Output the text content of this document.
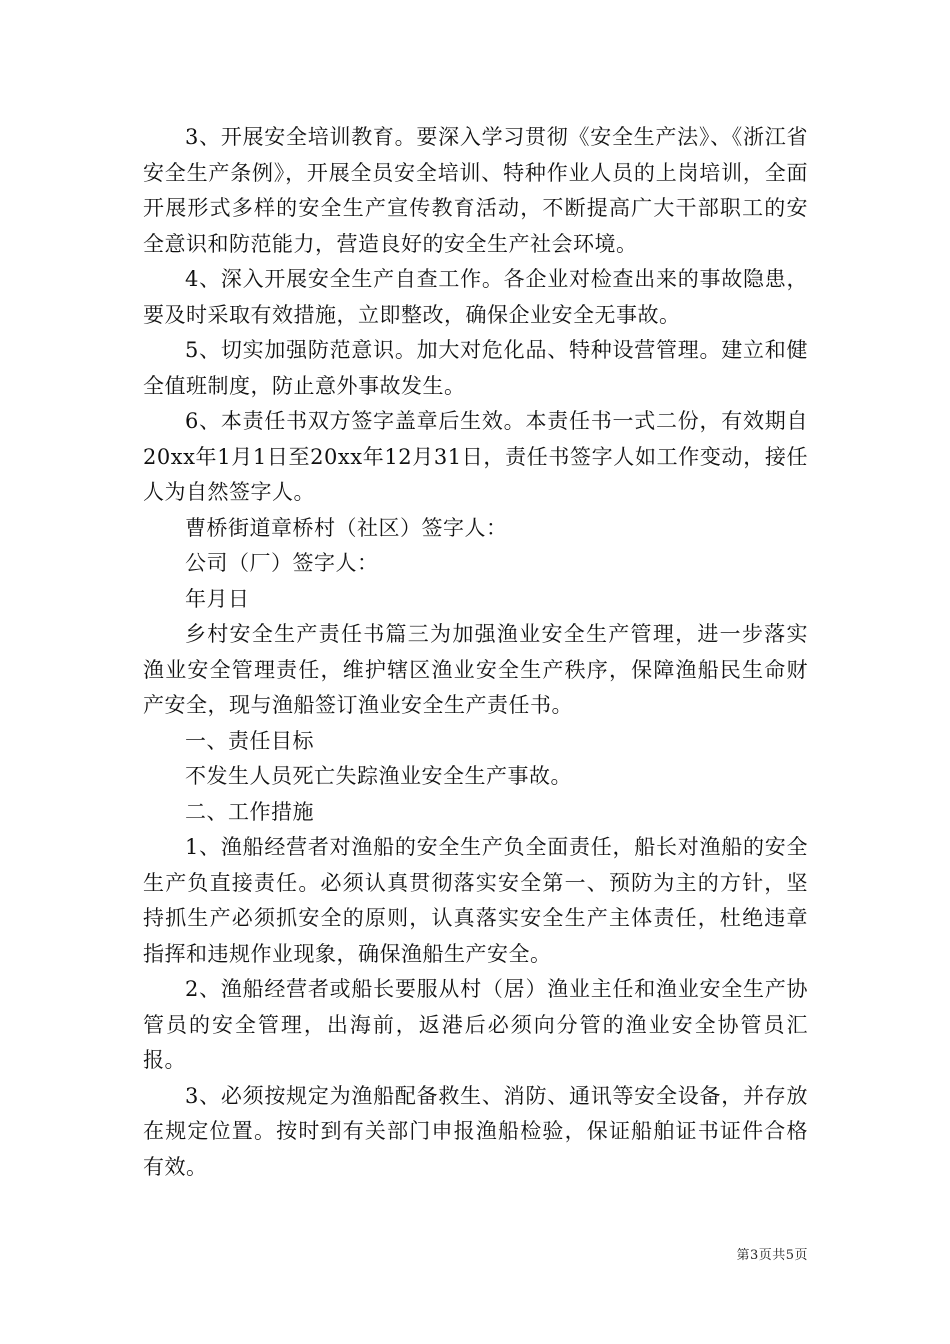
3、开展安全培训教育。要深入学习贯彻《安全生产法》、《浙江省安全生产条例》，开展全员安全培训、特种作业人员的上岗培训，全面开展形式多样的安全生产宣传教育活动，不断提高广大干部职工的安全意识和防范能力，营造良好的安全生产社会环境。

4、深入开展安全生产自查工作。各企业对检查出来的事故隐患，要及时采取有效措施，立即整改，确保企业安全无事故。

5、切实加强防范意识。加大对危化品、特种设营管理。建立和健全值班制度，防止意外事故发生。

6、本责任书双方签字盖章后生效。本责任书一式二份，有效期自20xx年1月1日至20xx年12月31日，责任书签字人如工作变动，接任人为自然签字人。

曹桥街道章桥村（社区）签字人：

公司（厂）签字人：

年月日

乡村安全生产责任书篇三为加强渔业安全生产管理，进一步落实渔业安全管理责任，维护辖区渔业安全生产秩序，保障渔船民生命财产安全，现与渔船签订渔业安全生产责任书。

一、责任目标

不发生人员死亡失踪渔业安全生产事故。

二、工作措施

1、渔船经营者对渔船的安全生产负全面责任，船长对渔船的安全生产负直接责任。必须认真贯彻落实安全第一、预防为主的方针，坚持抓生产必须抓安全的原则，认真落实安全生产主体责任，杜绝违章指挥和违规作业现象，确保渔船生产安全。

2、渔船经营者或船长要服从村（居）渔业主任和渔业安全生产协管员的安全管理，出海前，返港后必须向分管的渔业安全协管员汇报。

3、必须按规定为渔船配备救生、消防、通讯等安全设备，并存放在规定位置。按时到有关部门申报渔船检验，保证船舶证书证件合格有效。

第3页共5页
